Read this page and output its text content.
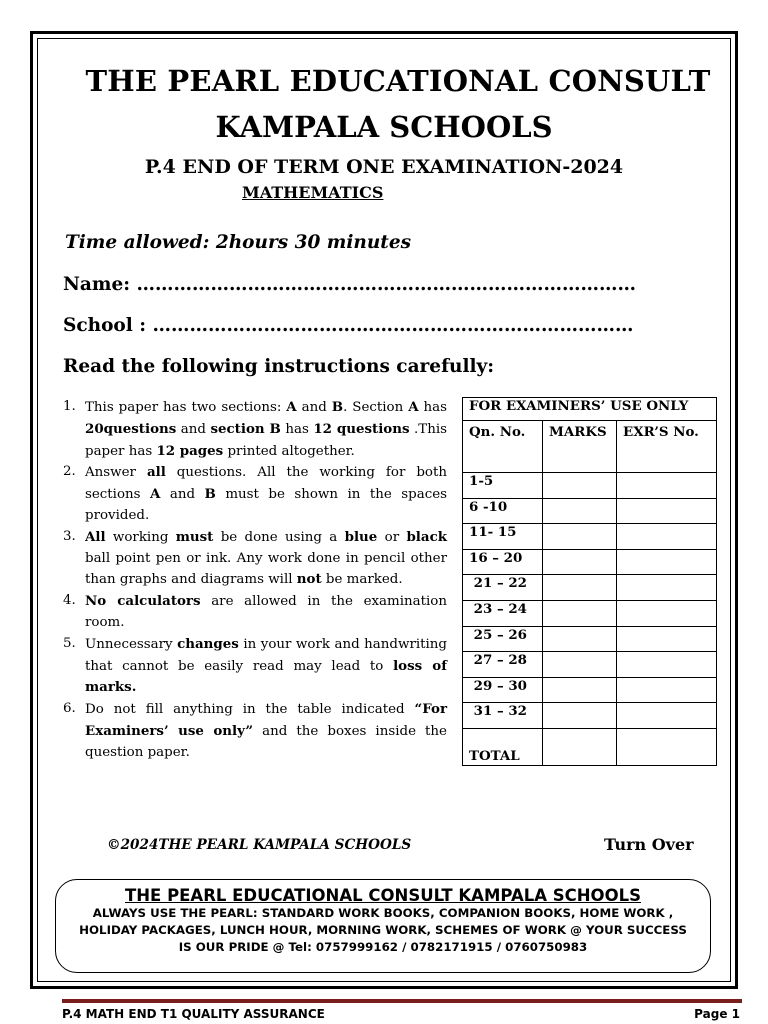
THE PEARL EDUCATIONAL CONSULT
KAMPALA SCHOOLS
P.4 END OF TERM ONE EXAMINATION-2024
MATHEMATICS
Time allowed: 2hours 30 minutes
Name: ………………………………………………………………………
School : ……………………………………………………………………
Read the following instructions carefully:
1. This paper has two sections: A and B. Section A has 20questions and section B has 12 questions .This paper has 12 pages printed altogether.
2. Answer all questions. All the working for both sections A and B must be shown in the spaces provided.
3. All working must be done using a blue or black ball point pen or ink. Any work done in pencil other than graphs and diagrams will not be marked.
4. No calculators are allowed in the examination room.
5. Unnecessary changes in your work and handwriting that cannot be easily read may lead to loss of marks.
6. Do not fill anything in the table indicated “For Examiners’ use only” and the boxes inside the question paper.
FOR EXAMINERS’ USE ONLY		
Qn. No.	MARKS	EXR’S No.
1-5		
6 -10		
11- 15		
16 – 20		
21 – 22		
23 – 24		
25 – 26		
27 – 28		
29 – 30		
31 – 32		
TOTAL		
©2024THE PEARL KAMPALA SCHOOLS	Turn Over
THE PEARL EDUCATIONAL CONSULT KAMPALA SCHOOLS
ALWAYS USE THE PEARL: STANDARD WORK BOOKS, COMPANION BOOKS, HOME WORK ,
HOLIDAY PACKAGES, LUNCH HOUR, MORNING WORK, SCHEMES OF WORK @ YOUR SUCCESS
IS OUR PRIDE @ Tel: 0757999162 / 0782171915 / 0760750983
P.4 MATH END T1 QUALITY ASSURANCE	Page 1
